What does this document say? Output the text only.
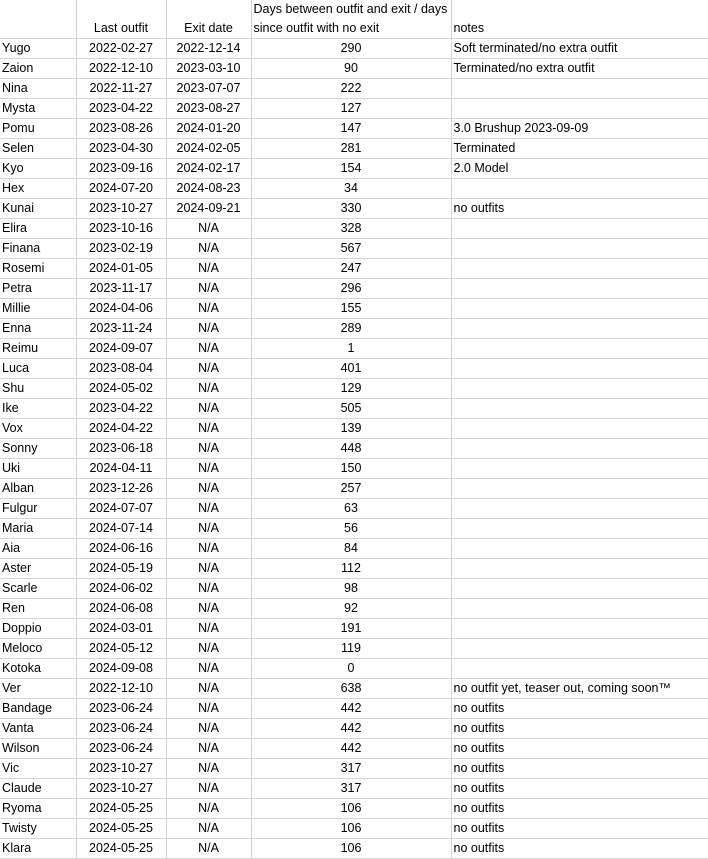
	Last outfit	Exit date	Days between outfit and exit / days since outfit with no exit	notes
Yugo	2022-02-27	2022-12-14	290	Soft terminated/no extra outfit
Zaion	2022-12-10	2023-03-10	90	Terminated/no extra outfit
Nina	2022-11-27	2023-07-07	222	
Mysta	2023-04-22	2023-08-27	127	
Pomu	2023-08-26	2024-01-20	147	3.0 Brushup 2023-09-09
Selen	2023-04-30	2024-02-05	281	Terminated
Kyo	2023-09-16	2024-02-17	154	2.0 Model
Hex	2024-07-20	2024-08-23	34	
Kunai	2023-10-27	2024-09-21	330	no outfits
Elira	2023-10-16	N/A	328	
Finana	2023-02-19	N/A	567	
Rosemi	2024-01-05	N/A	247	
Petra	2023-11-17	N/A	296	
Millie	2024-04-06	N/A	155	
Enna	2023-11-24	N/A	289	
Reimu	2024-09-07	N/A	1	
Luca	2023-08-04	N/A	401	
Shu	2024-05-02	N/A	129	
Ike	2023-04-22	N/A	505	
Vox	2024-04-22	N/A	139	
Sonny	2023-06-18	N/A	448	
Uki	2024-04-11	N/A	150	
Alban	2023-12-26	N/A	257	
Fulgur	2024-07-07	N/A	63	
Maria	2024-07-14	N/A	56	
Aia	2024-06-16	N/A	84	
Aster	2024-05-19	N/A	112	
Scarle	2024-06-02	N/A	98	
Ren	2024-06-08	N/A	92	
Doppio	2024-03-01	N/A	191	
Meloco	2024-05-12	N/A	119	
Kotoka	2024-09-08	N/A	0	
Ver	2022-12-10	N/A	638	no outfit yet, teaser out, coming soon™
Bandage	2023-06-24	N/A	442	no outfits
Vanta	2023-06-24	N/A	442	no outfits
Wilson	2023-06-24	N/A	442	no outfits
Vic	2023-10-27	N/A	317	no outfits
Claude	2023-10-27	N/A	317	no outfits
Ryoma	2024-05-25	N/A	106	no outfits
Twisty	2024-05-25	N/A	106	no outfits
Klara	2024-05-25	N/A	106	no outfits
